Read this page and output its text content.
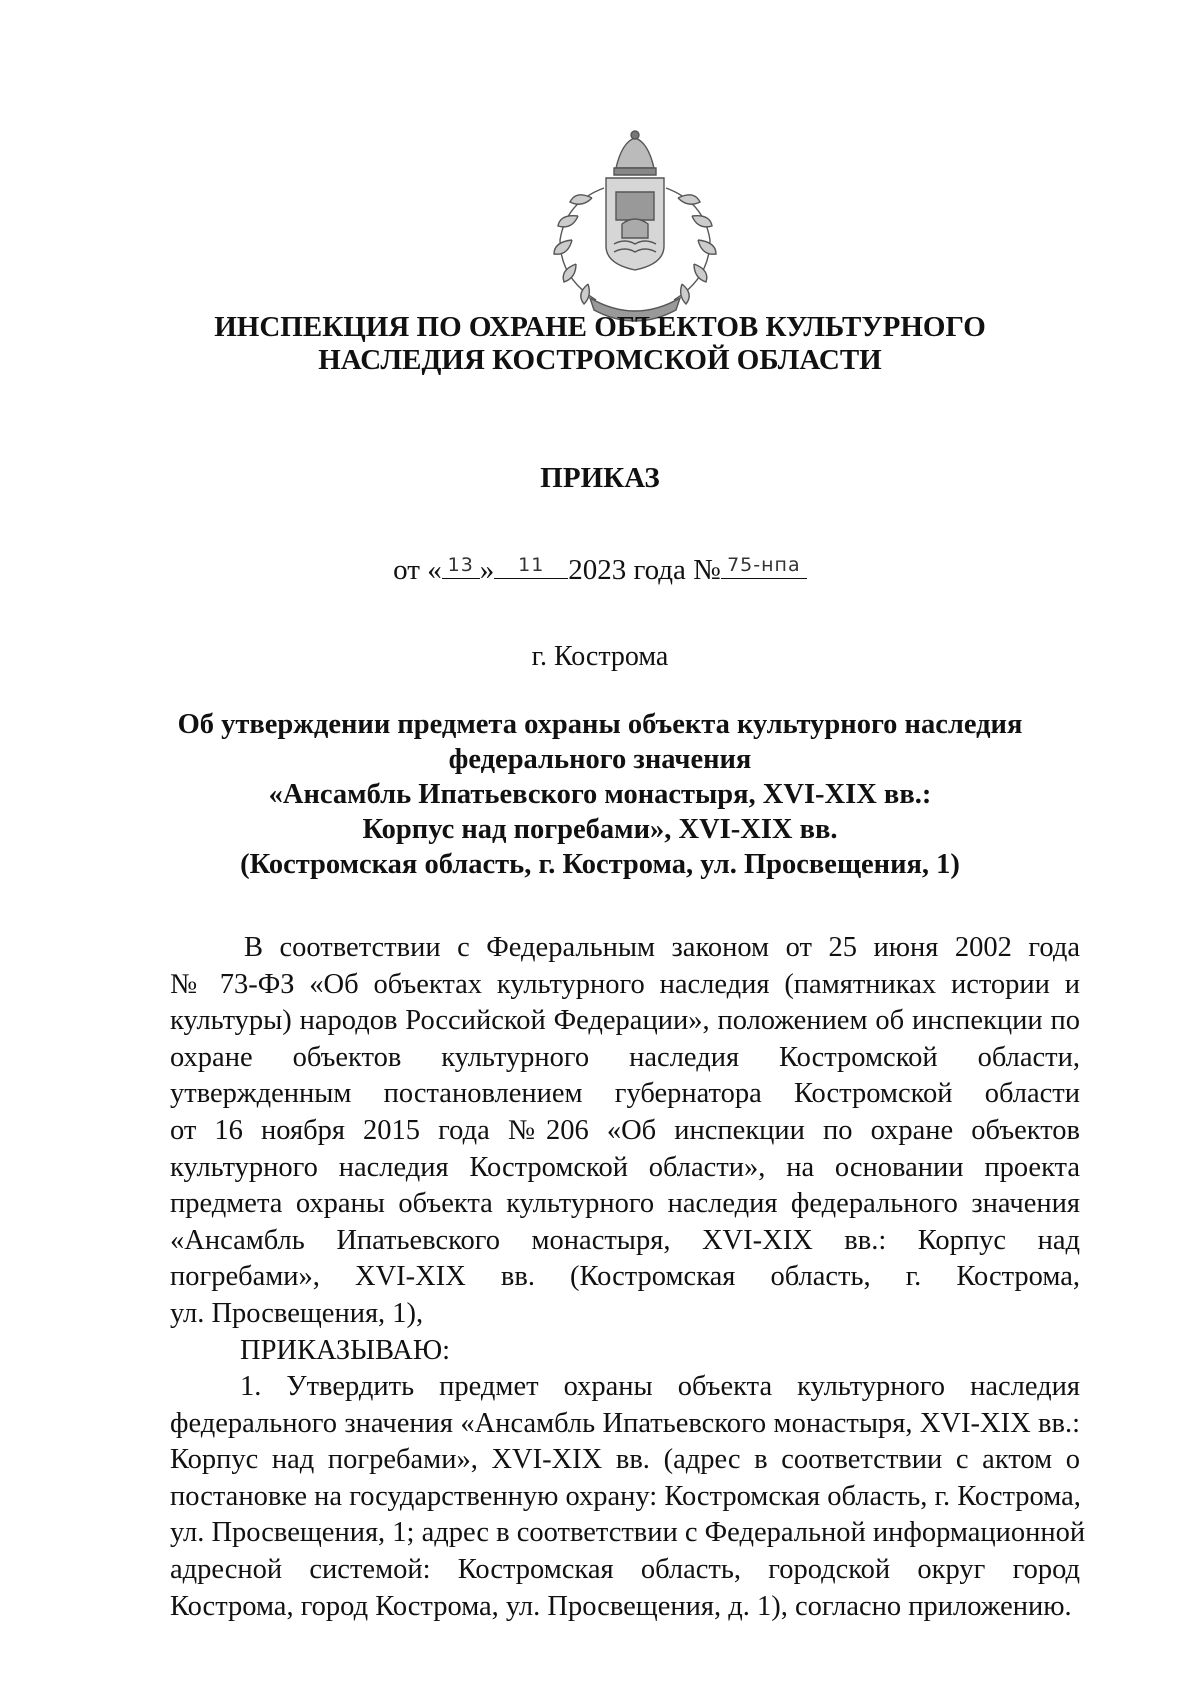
ИНСПЕКЦИЯ ПО ОХРАНЕ ОБЪЕКТОВ КУЛЬТУРНОГО
НАСЛЕДИЯ КОСТРОМСКОЙ ОБЛАСТИ
ПРИКАЗ
от « 13 »	11 2023 года № 75-нпа
г. Кострома
Об утверждении предмета охраны объекта культурного наследия
федерального значения
«Ансамбль Ипатьевского монастыря, XVI-XIX вв.:
Корпус над погребами», XVI-XIX вв.
(Костромская область, г. Кострома, ул. Просвещения, 1)
В соответствии с Федеральным законом от 25 июня 2002 года
№ 73-ФЗ «Об объектах культурного наследия (памятниках истории и
культуры) народов Российской Федерации», положением об инспекции по
охране объектов культурного наследия Костромской области,
утвержденным постановлением губернатора Костромской области
от 16 ноября 2015 года №206 «Об инспекции по охране объектов
культурного наследия Костромской области», на основании проекта
предмета охраны объекта культурного наследия федерального значения
«Ансамбль Ипатьевского монастыря, XVI-XIX вв.: Корпус над
погребами», XVI-XIX вв. (Костромская область, г. Кострома,
ул. Просвещения, 1),
ПРИКАЗЫВАЮ:
1. Утвердить предмет охраны объекта культурного наследия
федерального значения «Ансамбль Ипатьевского монастыря, XVI-XIX вв.:
Корпус над погребами», XVI-XIX вв. (адрес в соответствии с актом о
постановке на государственную охрану: Костромская область, г. Кострома,
ул. Просвещения, 1; адрес в соответствии с Федеральной информационной
адресной системой: Костромская область, городской округ город
Кострома, город Кострома, ул. Просвещения, д. 1), согласно приложению.
